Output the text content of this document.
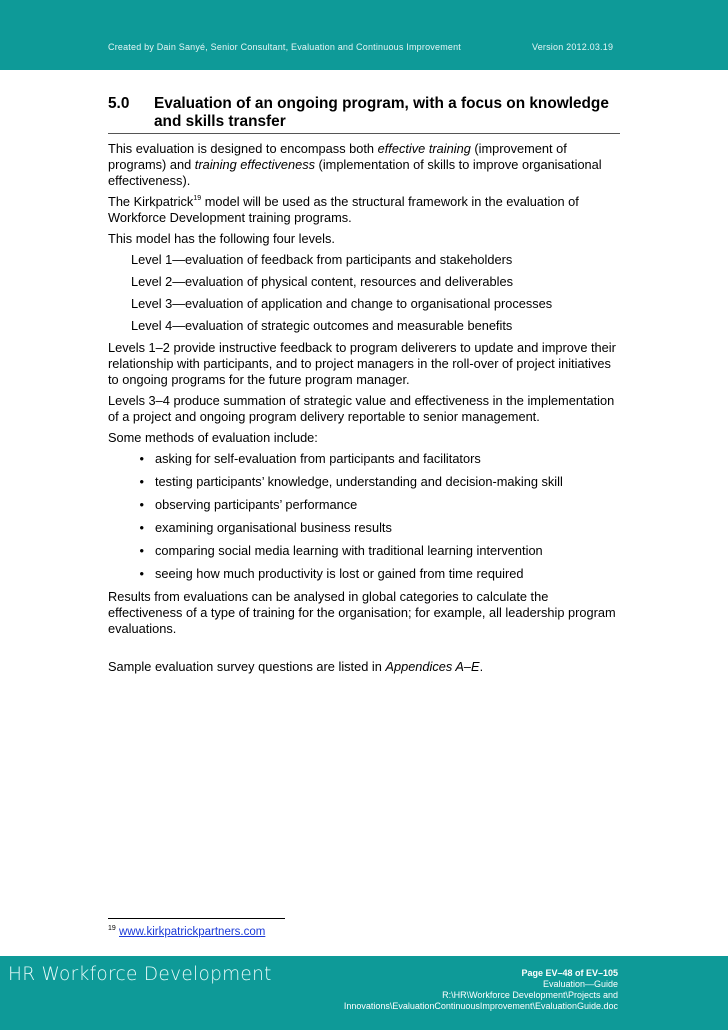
Created by Dain Sanyé, Senior Consultant, Evaluation and Continuous Improvement	Version 2012.03.19
5.0	Evaluation of an ongoing program, with a focus on knowledge and skills transfer

This evaluation is designed to encompass both effective training (improvement of programs) and training effectiveness (implementation of skills to improve organisational effectiveness).

The Kirkpatrick$^{19}$ model will be used as the structural framework in the evaluation of Workforce Development training programs.

This model has the following four levels.

Level 1—evaluation of feedback from participants and stakeholders
Level 2—evaluation of physical content, resources and deliverables
Level 3—evaluation of application and change to organisational processes
Level 4—evaluation of strategic outcomes and measurable benefits

Levels 1–2 provide instructive feedback to program deliverers to update and improve their relationship with participants, and to project managers in the roll-over of project initiatives to ongoing programs for the future program manager.

Levels 3–4 produce summation of strategic value and effectiveness in the implementation of a project and ongoing program delivery reportable to senior management.

Some methods of evaluation include:

• asking for self-evaluation from participants and facilitators
• testing participants’ knowledge, understanding and decision-making skill
• observing participants’ performance
• examining organisational business results
• comparing social media learning with traditional learning intervention
• seeing how much productivity is lost or gained from time required

Results from evaluations can be analysed in global categories to calculate the effectiveness of a type of training for the organisation; for example, all leadership program evaluations.

Sample evaluation survey questions are listed in Appendices A–E.

$^{19}$ www.kirkpatrickpartners.com
HR Workforce Development	Page EV–48 of EV–105
Evaluation—Guide
R:\HR\Workforce Development\Projects and
Innovations\EvaluationContinuousImprovement\EvaluationGuide.doc
